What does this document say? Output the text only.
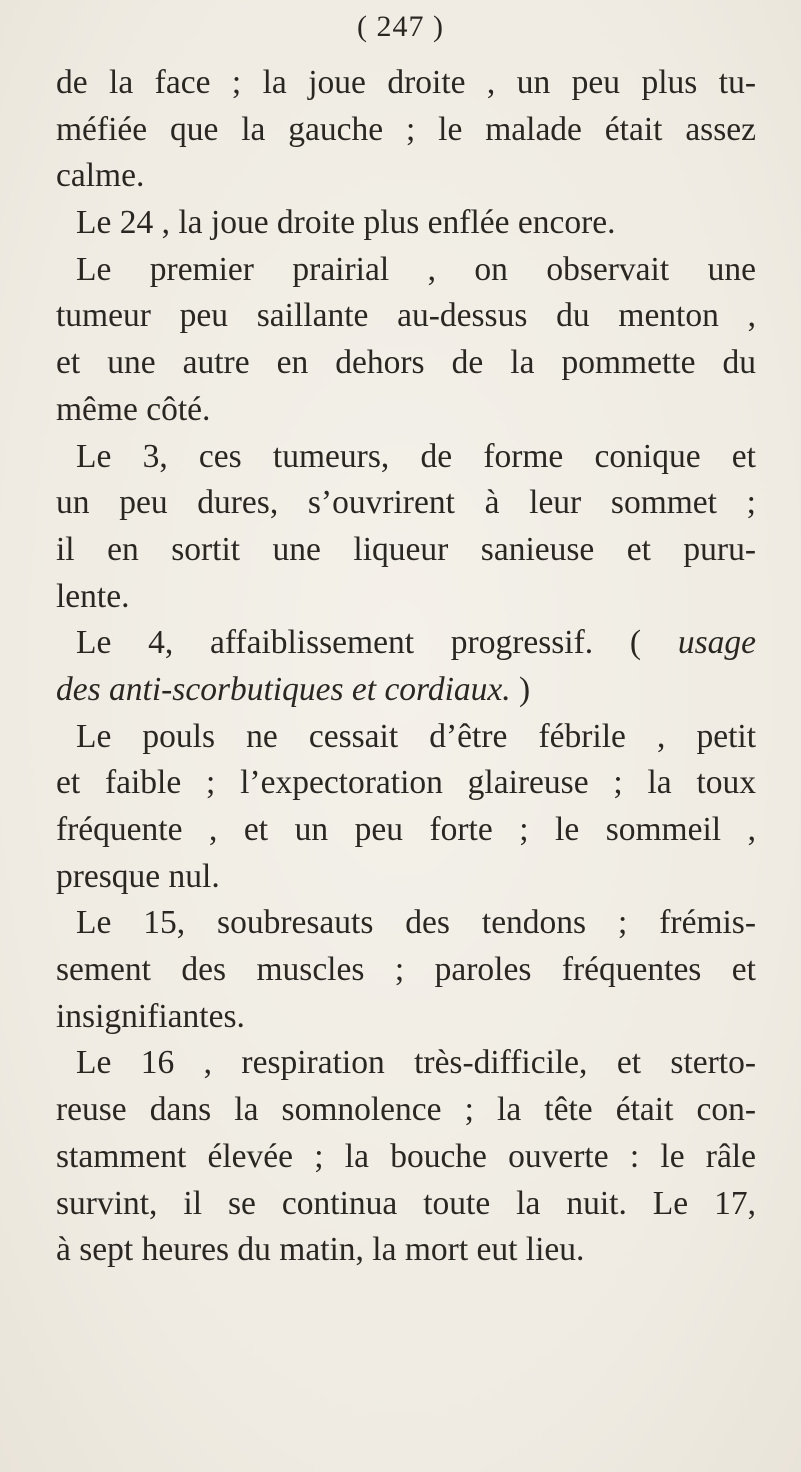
( 247 )
de la face ; la joue droite , un peu plus tu-
méfiée que la gauche ; le malade était assez
calme.
Le 24 , la joue droite plus enflée encore.
Le premier prairial , on observait une
tumeur peu saillante au-dessus du menton ,
et une autre en dehors de la pommette du
même côté.
Le 3, ces tumeurs, de forme conique et
un peu dures, s’ouvrirent à leur sommet ;
il en sortit une liqueur sanieuse et puru-
lente.
Le 4, affaiblissement progressif. ( usage
des anti-scorbutiques et cordiaux. )
Le pouls ne cessait d’être fébrile , petit
et faible ; l’expectoration glaireuse ; la toux
fréquente , et un peu forte ; le sommeil ,
presque nul.
Le 15, soubresauts des tendons ; frémis-
sement des muscles ; paroles fréquentes et
insignifiantes.
Le 16 , respiration très-difficile, et sterto-
reuse dans la somnolence ; la tête était con-
stamment élevée ; la bouche ouverte : le râle
survint, il se continua toute la nuit. Le 17,
à sept heures du matin, la mort eut lieu.
